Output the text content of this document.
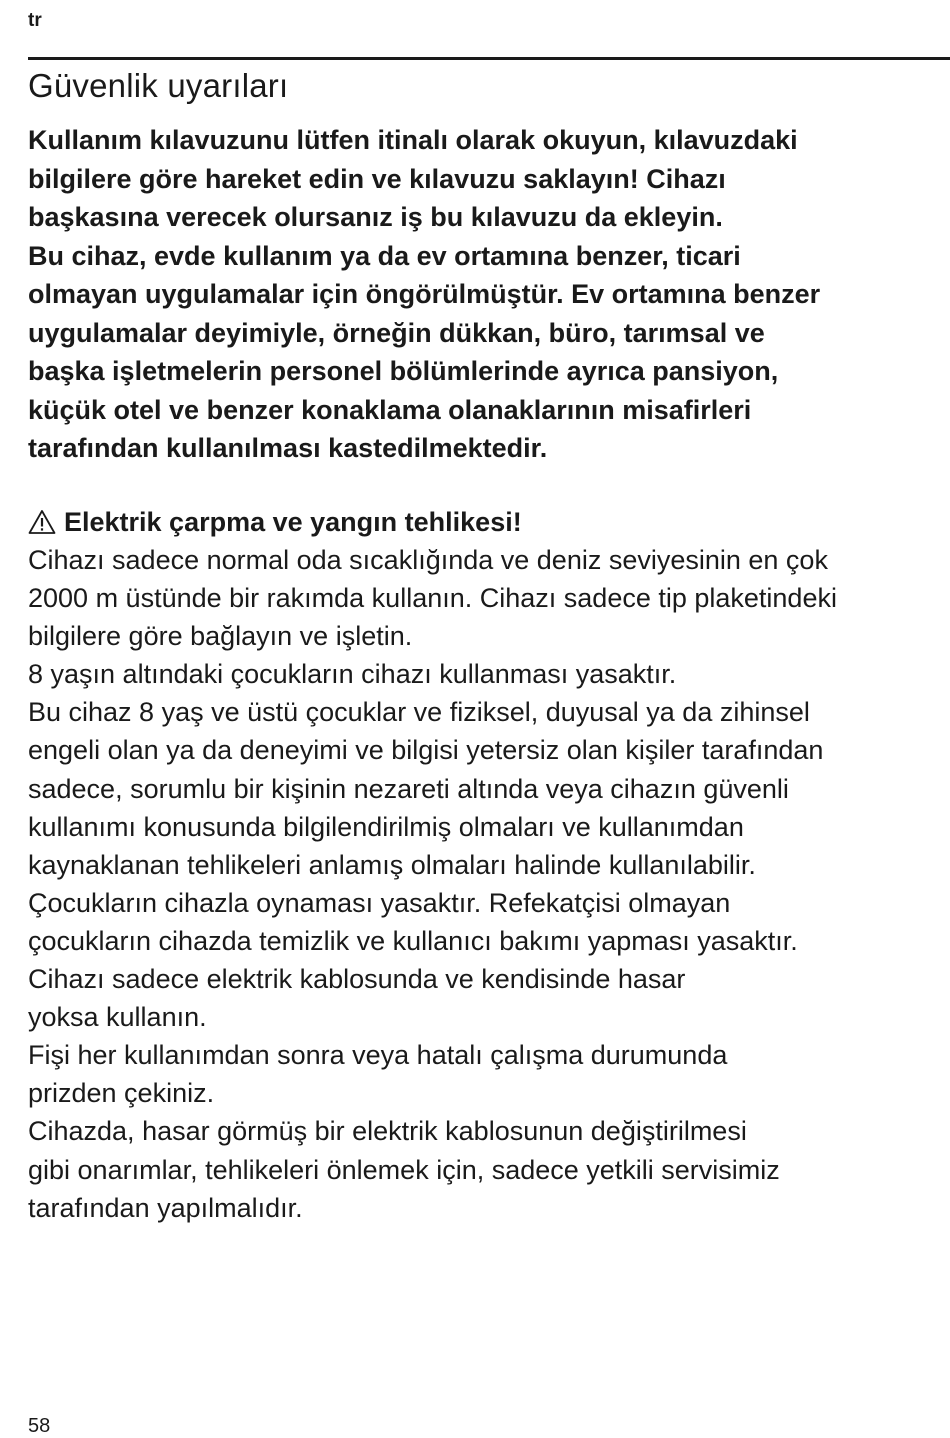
tr
Güvenlik uyarıları

Kullanım kılavuzunu lütfen itinalı olarak okuyun, kılavuzdaki
bilgilere göre hareket edin ve kılavuzu saklayın! Cihazı
başkasına verecek olursanız iş bu kılavuzu da ekleyin.
Bu cihaz, evde kullanım ya da ev ortamına benzer, ticari
olmayan uygulamalar için öngörülmüştür. Ev ortamına benzer
uygulamalar deyimiyle, örneğin dükkan, büro, tarımsal ve
başka işletmelerin personel bölümlerinde ayrıca pansiyon,
küçük otel ve benzer konaklama olanaklarının misafirleri
tarafından kullanılması kastedilmektedir.

Elektrik çarpma ve yangın tehlikesi!

Cihazı sadece normal oda sıcaklığında ve deniz seviyesinin en çok
2000 m üstünde bir rakımda kullanın. Cihazı sadece tip plaketindeki
bilgilere göre bağlayın ve işletin.
8 yaşın altındaki çocukların cihazı kullanması yasaktır.
Bu cihaz 8 yaş ve üstü çocuklar ve fiziksel, duyusal ya da zihinsel
engeli olan ya da deneyimi ve bilgisi yetersiz olan kişiler tarafından
sadece, sorumlu bir kişinin nezareti altında veya cihazın güvenli
kullanımı konusunda bilgilendirilmiş olmaları ve kullanımdan
kaynaklanan tehlikeleri anlamış olmaları halinde kullanılabilir.
Çocukların cihazla oynaması yasaktır. Refekatçisi olmayan
çocukların cihazda temizlik ve kullanıcı bakımı yapması yasaktır.
Cihazı sadece elektrik kablosunda ve kendisinde hasar
yoksa kullanın.
Fişi her kullanımdan sonra veya hatalı çalışma durumunda
prizden çekiniz.
Cihazda, hasar görmüş bir elektrik kablosunun değiştirilmesi
gibi onarımlar, tehlikeleri önlemek için, sadece yetkili servisimiz
tarafından yapılmalıdır.

58
